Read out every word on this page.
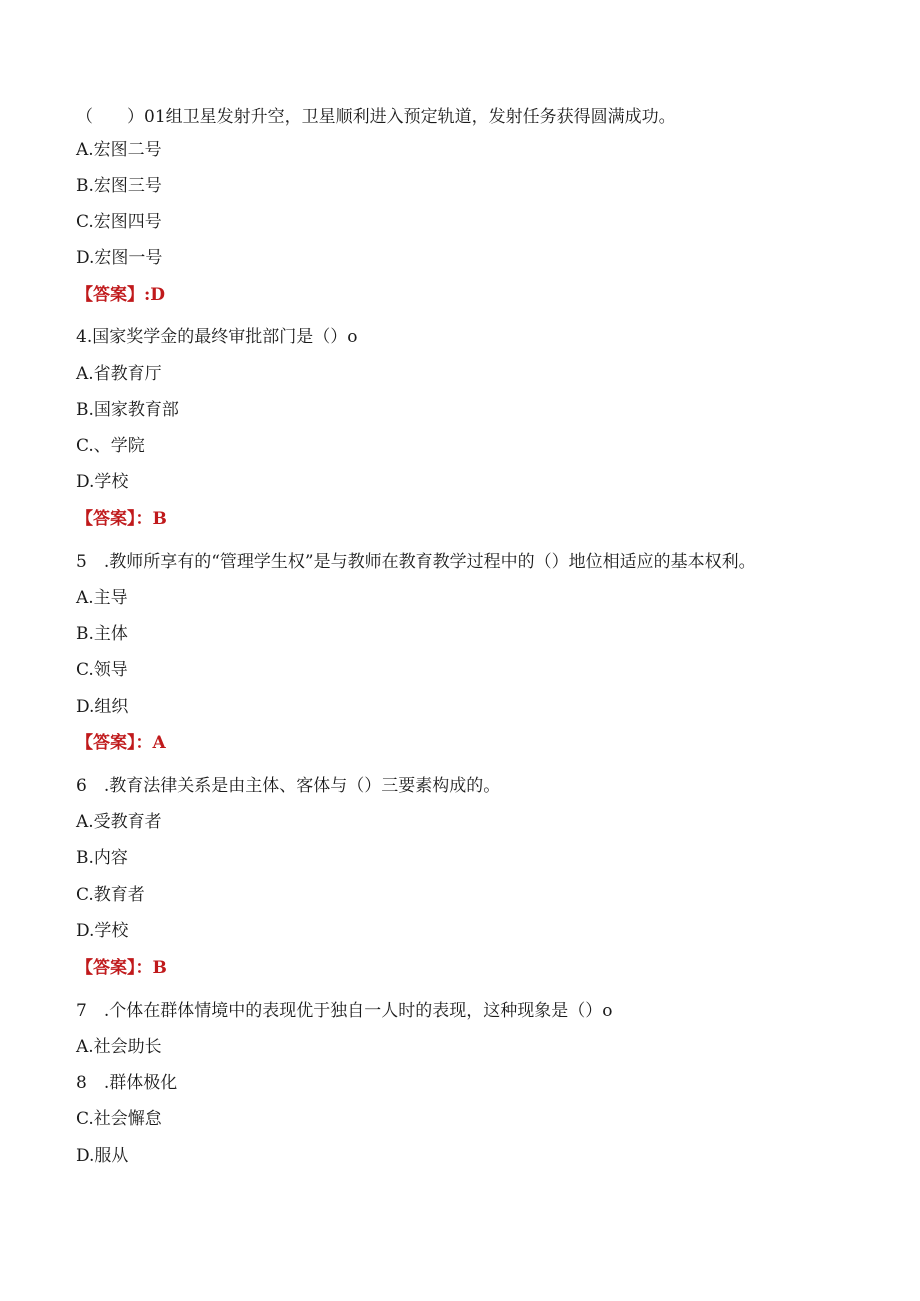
（　　）01组卫星发射升空，卫星顺利进入预定轨道，发射任务获得圆满成功。
A.宏图二号
B.宏图三号
C.宏图四号
D.宏图一号
【答案】:D
4.国家奖学金的最终审批部门是（）o
A.省教育厅
B.国家教育部
C.、学院
D.学校
【答案】：B
5　.教师所享有的“管理学生权”是与教师在教育教学过程中的（）地位相适应的基本权利。
A.主导
B.主体
C.领导
D.组织
【答案】：A
6　.教育法律关系是由主体、客体与（）三要素构成的。
A.受教育者
B.内容
C.教育者
D.学校
【答案】：B
7　.个体在群体情境中的表现优于独自一人时的表现，这种现象是（）o
A.社会助长
8　.群体极化
C.社会懈怠
D.服从
